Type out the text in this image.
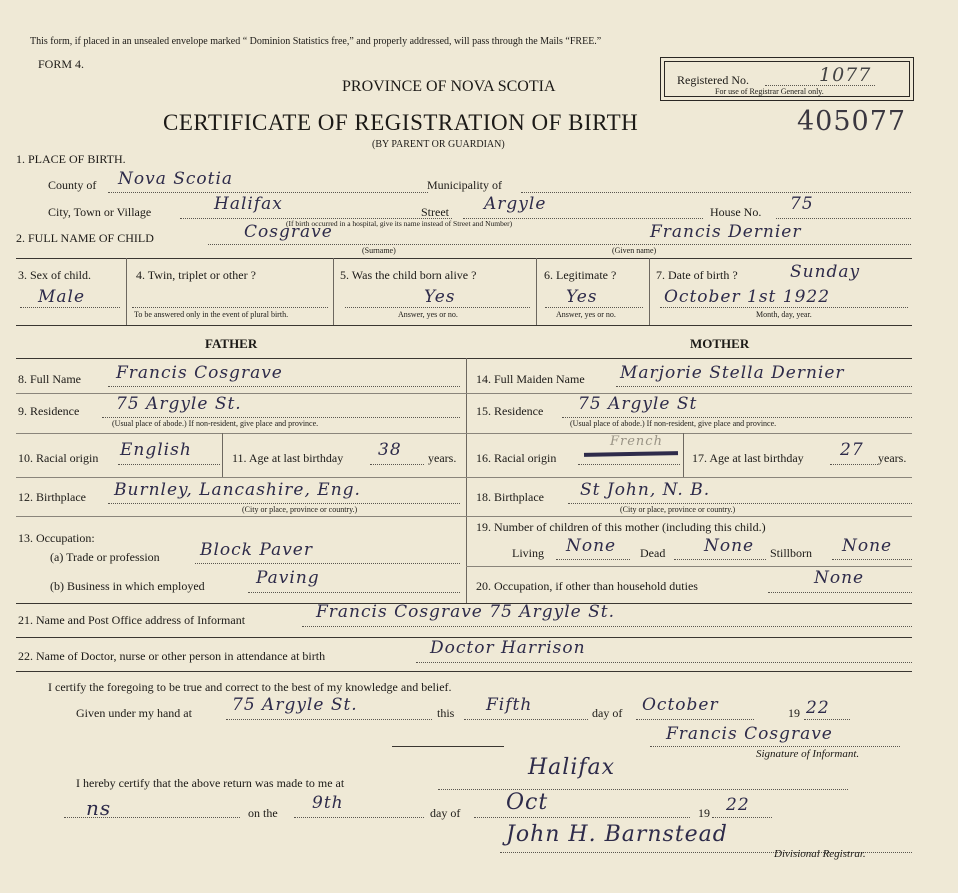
This form, if placed in an unsealed envelope marked “ Dominion Statistics free,” and properly addressed, will pass through the Mails “FREE.”
FORM 4.
PROVINCE OF NOVA SCOTIA
CERTIFICATE OF REGISTRATION OF BIRTH
(BY PARENT OR GUARDIAN)
405077
Registered No.	1077
For use of Registrar General only.
1. PLACE OF BIRTH.
County of Nova Scotia	Municipality of
City, Town or Village	Halifax	Street Argyle
(If birth occurred in a hospital, give its name instead of Street and Number)
House No. 75
2. FULL NAME OF CHILD	Cosgrave
(Surname)
Francis Dernier
(Given name)
3. Sex of child.
Male
4. Twin, triplet or other ?
To be answered only in the event of plural birth.
5. Was the child born alive ?
Yes
Answer, yes or no.
6. Legitimate ?
Yes
Answer, yes or no.
7. Date of birth ?	Sunday
October 1st 1922
Month, day, year.
FATHER	MOTHER
8. Full Name Francis Cosgrave
9. Residence 75 Argyle St.
(Usual place of abode.) If non-resident, give place and province.
10. Racial origin English	11. Age at last birthday 38 years.
12. Birthplace Burnley, Lancashire, Eng.
(City or place, province or country.)
13. Occupation:
(a) Trade or profession Block Paver
(b) Business in which employed	Paving
14. Full Maiden Name Marjorie Stella Dernier
15. Residence 75 Argyle St
(Usual place of abode.) If non-resident, give place and province.
16. Racial origin
French
17. Age at last birthday 27 years.
18. Birthplace St John, N. B.
(City or place, province or country.)
19. Number of children of this mother (including this child.)
Living None Dead None Stillborn None
20. Occupation, if other than household duties	None
21. Name and Post Office address of Informant	Francis Cosgrave 75 Argyle St.
22. Name of Doctor, nurse or other person in attendance at birth	Doctor Harrison
I certify the foregoing to be true and correct to the best of my knowledge and belief.
Given under my hand at 75 Argyle St.	this Fifth	day of October	19 22
Francis Cosgrave
Signature of Informant.
I hereby certify that the above return was made to me at
Halifax
ns	on the 9th	day of Oct	19 22
John H. Barnstead
Divisional Registrar.
